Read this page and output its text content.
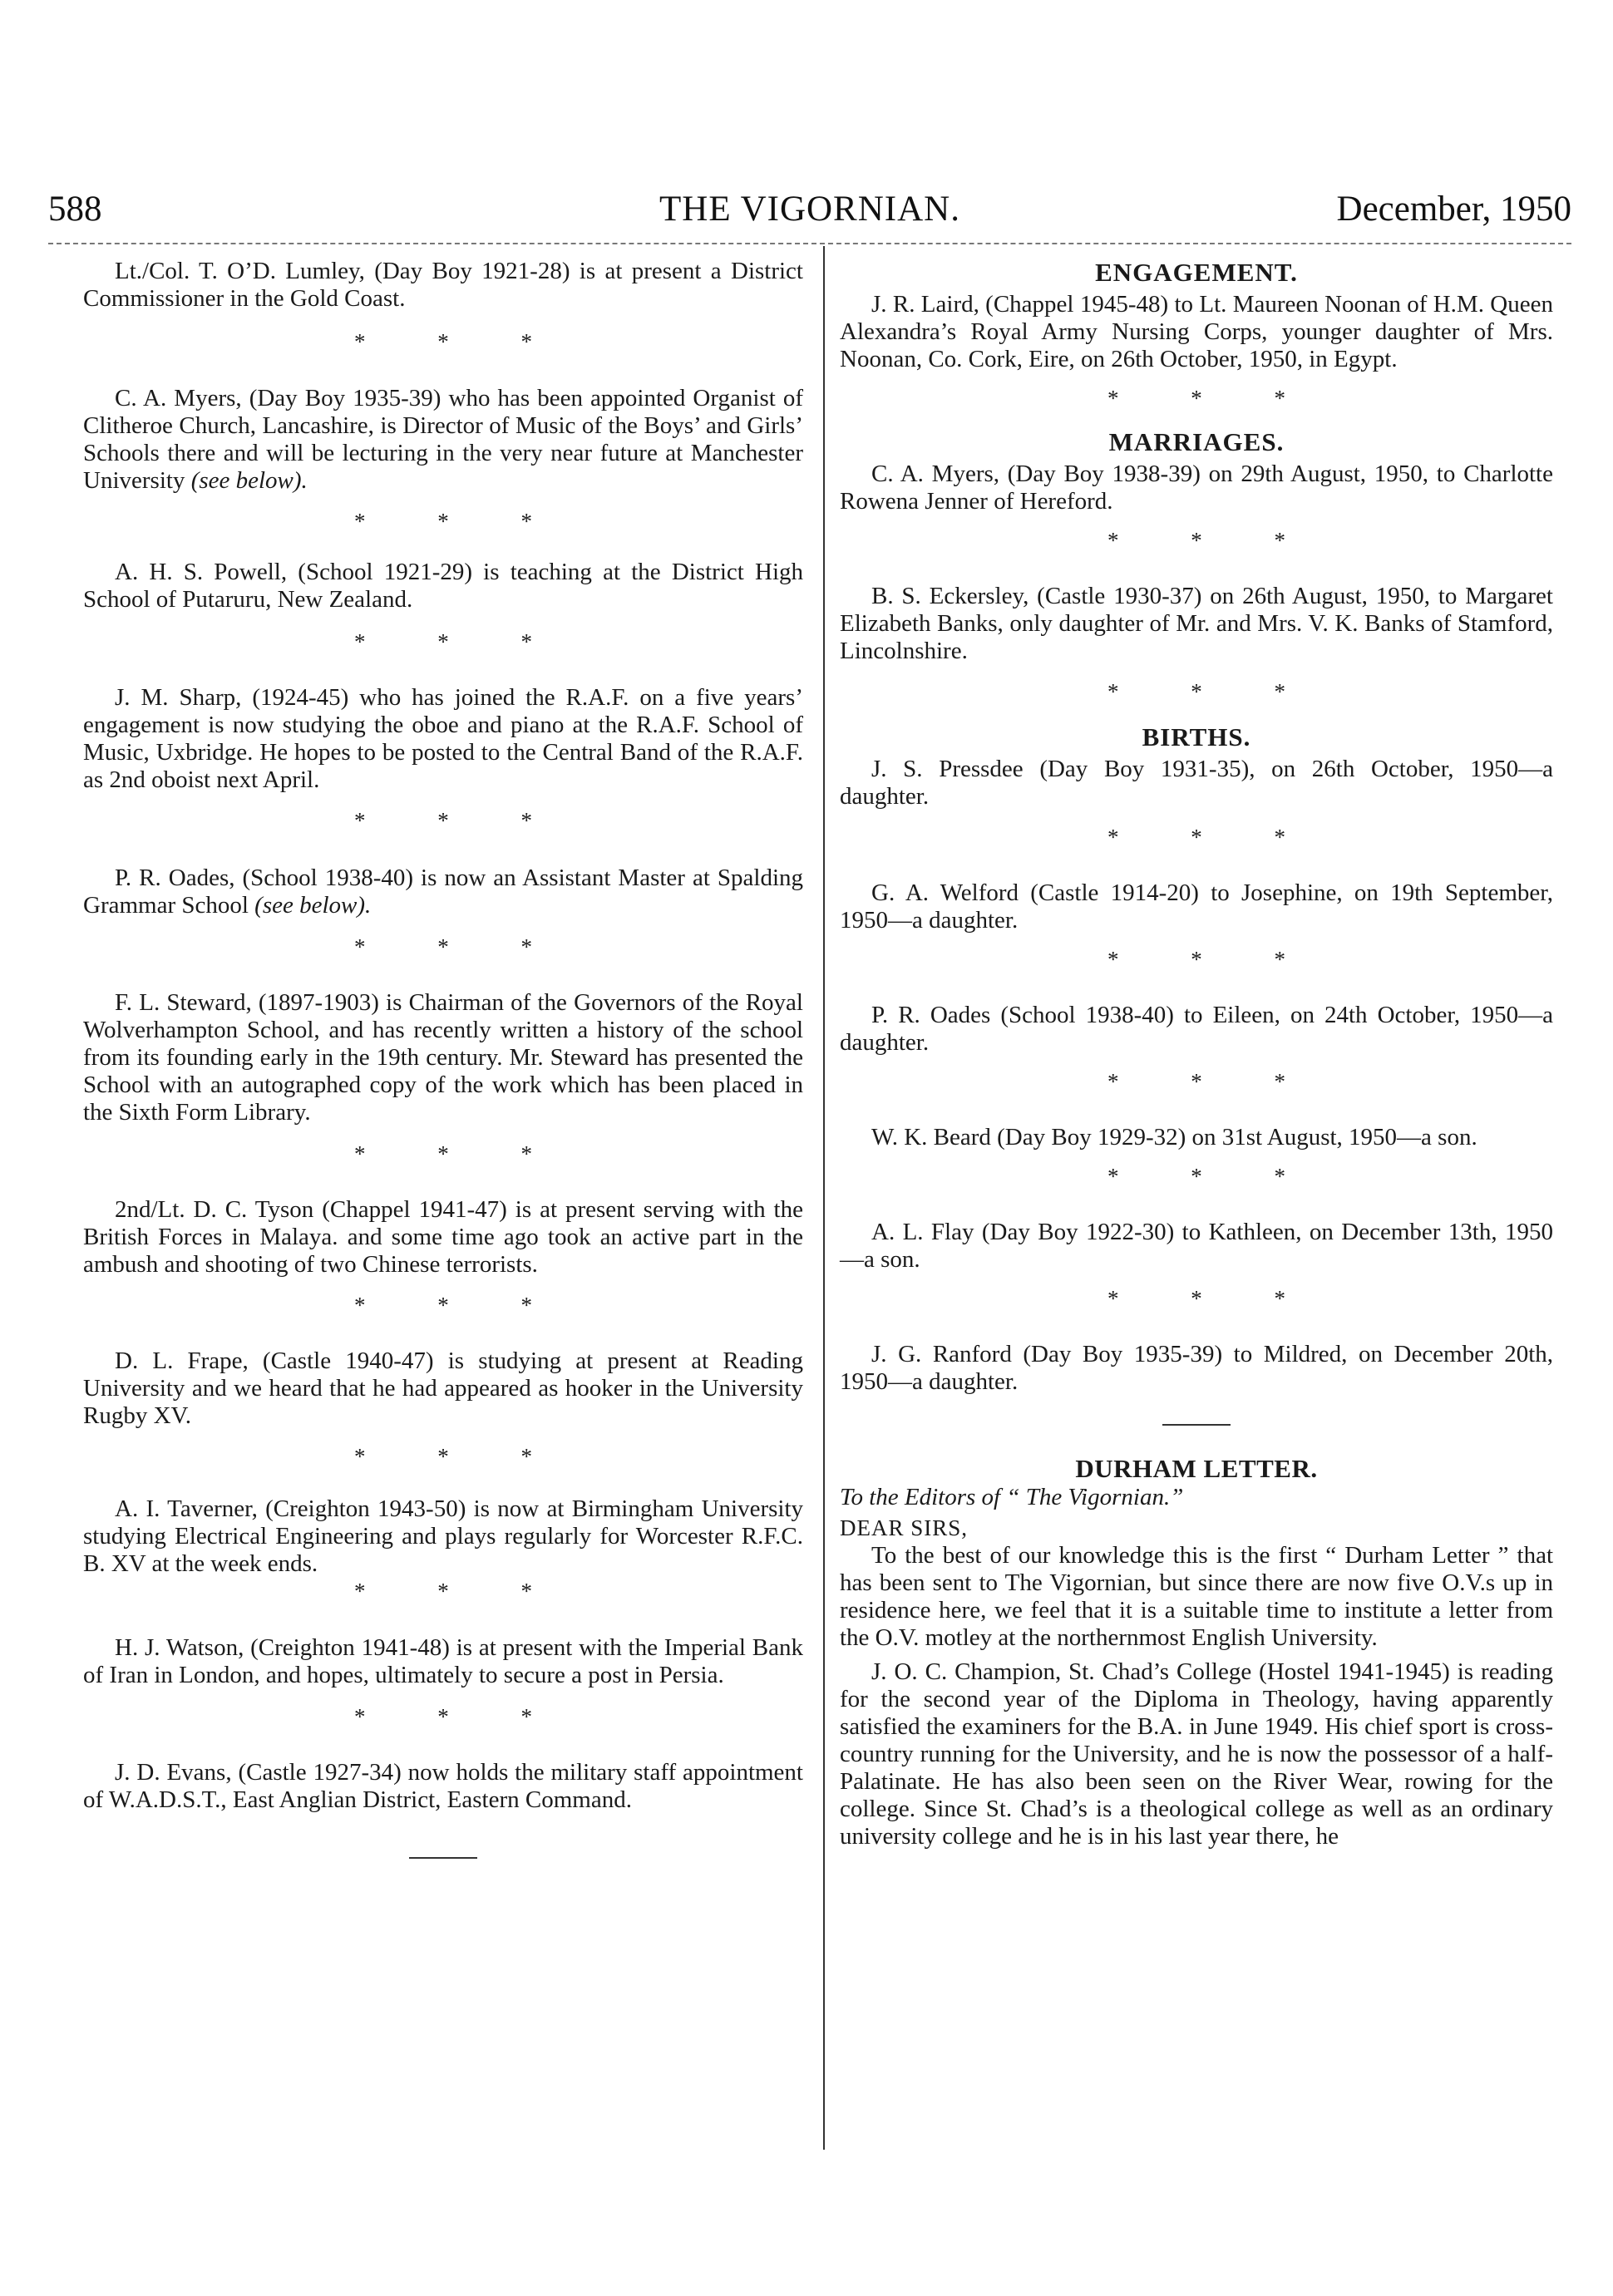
588	THE VIGORNIAN.	December, 1950

Lt./Col. T. O’D. Lumley, (Day Boy 1921-28) is at present a District Commissioner in the Gold Coast.

* * *

C. A. Myers, (Day Boy 1935-39) who has been appointed Organist of Clitheroe Church, Lancashire, is Director of Music of the Boys’ and Girls’ Schools there and will be lecturing in the very near future at Manchester University (see below).

* * *

A. H. S. Powell, (School 1921-29) is teaching at the District High School of Putaruru, New Zealand.

* * *

J. M. Sharp, (1924-45) who has joined the R.A.F. on a five years’ engagement is now studying the oboe and piano at the R.A.F. School of Music, Uxbridge. He hopes to be posted to the Central Band of the R.A.F. as 2nd oboist next April.

* * *

P. R. Oades, (School 1938-40) is now an Assistant Master at Spalding Grammar School (see below).

* * *

F. L. Steward, (1897-1903) is Chairman of the Governors of the Royal Wolverhampton School, and has recently written a history of the school from its founding early in the 19th century. Mr. Steward has presented the School with an autographed copy of the work which has been placed in the Sixth Form Library.

* * *

2nd/Lt. D. C. Tyson (Chappel 1941-47) is at present serving with the British Forces in Malaya. and some time ago took an active part in the ambush and shooting of two Chinese terrorists.

* * *

D. L. Frape, (Castle 1940-47) is studying at present at Reading University and we heard that he had appeared as hooker in the University Rugby XV.

* * *

A. I. Taverner, (Creighton 1943-50) is now at Birmingham University studying Electrical Engineering and plays regularly for Worcester R.F.C. B. XV at the week ends.

* * *

H. J. Watson, (Creighton 1941-48) is at present with the Imperial Bank of Iran in London, and hopes, ultimately to secure a post in Persia.

* * *

J. D. Evans, (Castle 1927-34) now holds the military staff appointment of W.A.D.S.T., East Anglian District, Eastern Command.

ENGAGEMENT.

J. R. Laird, (Chappel 1945-48) to Lt. Maureen Noonan of H.M. Queen Alexandra’s Royal Army Nursing Corps, younger daughter of Mrs. Noonan, Co. Cork, Eire, on 26th October, 1950, in Egypt.

* * *
MARRIAGES.

C. A. Myers, (Day Boy 1938-39) on 29th August, 1950, to Charlotte Rowena Jenner of Hereford.

* * *

B. S. Eckersley, (Castle 1930-37) on 26th August, 1950, to Margaret Elizabeth Banks, only daughter of Mr. and Mrs. V. K. Banks of Stamford, Lincolnshire.

* * *
BIRTHS.

J. S. Pressdee (Day Boy 1931-35), on 26th October, 1950—a daughter.

* * *

G. A. Welford (Castle 1914-20) to Josephine, on 19th September, 1950—a daughter.

* * *

P. R. Oades (School 1938-40) to Eileen, on 24th October, 1950—a daughter.

* * *

W. K. Beard (Day Boy 1929-32) on 31st August, 1950—a son.

* * *

A. L. Flay (Day Boy 1922-30) to Kathleen, on December 13th, 1950—a son.

* * *

J. G. Ranford (Day Boy 1935-39) to Mildred, on December 20th, 1950—a daughter.

DURHAM LETTER.

To the Editors of “ The Vigornian.”

DEAR SIRS,

To the best of our knowledge this is the first “ Durham Letter ” that has been sent to The Vigornian, but since there are now five O.V.s up in residence here, we feel that it is a suitable time to institute a letter from the O.V. motley at the northernmost English University.

J. O. C. Champion, St. Chad’s College (Hostel 1941-1945) is reading for the second year of the Diploma in Theology, having apparently satisfied the examiners for the B.A. in June 1949. His chief sport is cross-country running for the University, and he is now the possessor of a half-Palatinate. He has also been seen on the River Wear, rowing for the college. Since St. Chad’s is a theological college as well as an ordinary university college and he is in his last year there, he
